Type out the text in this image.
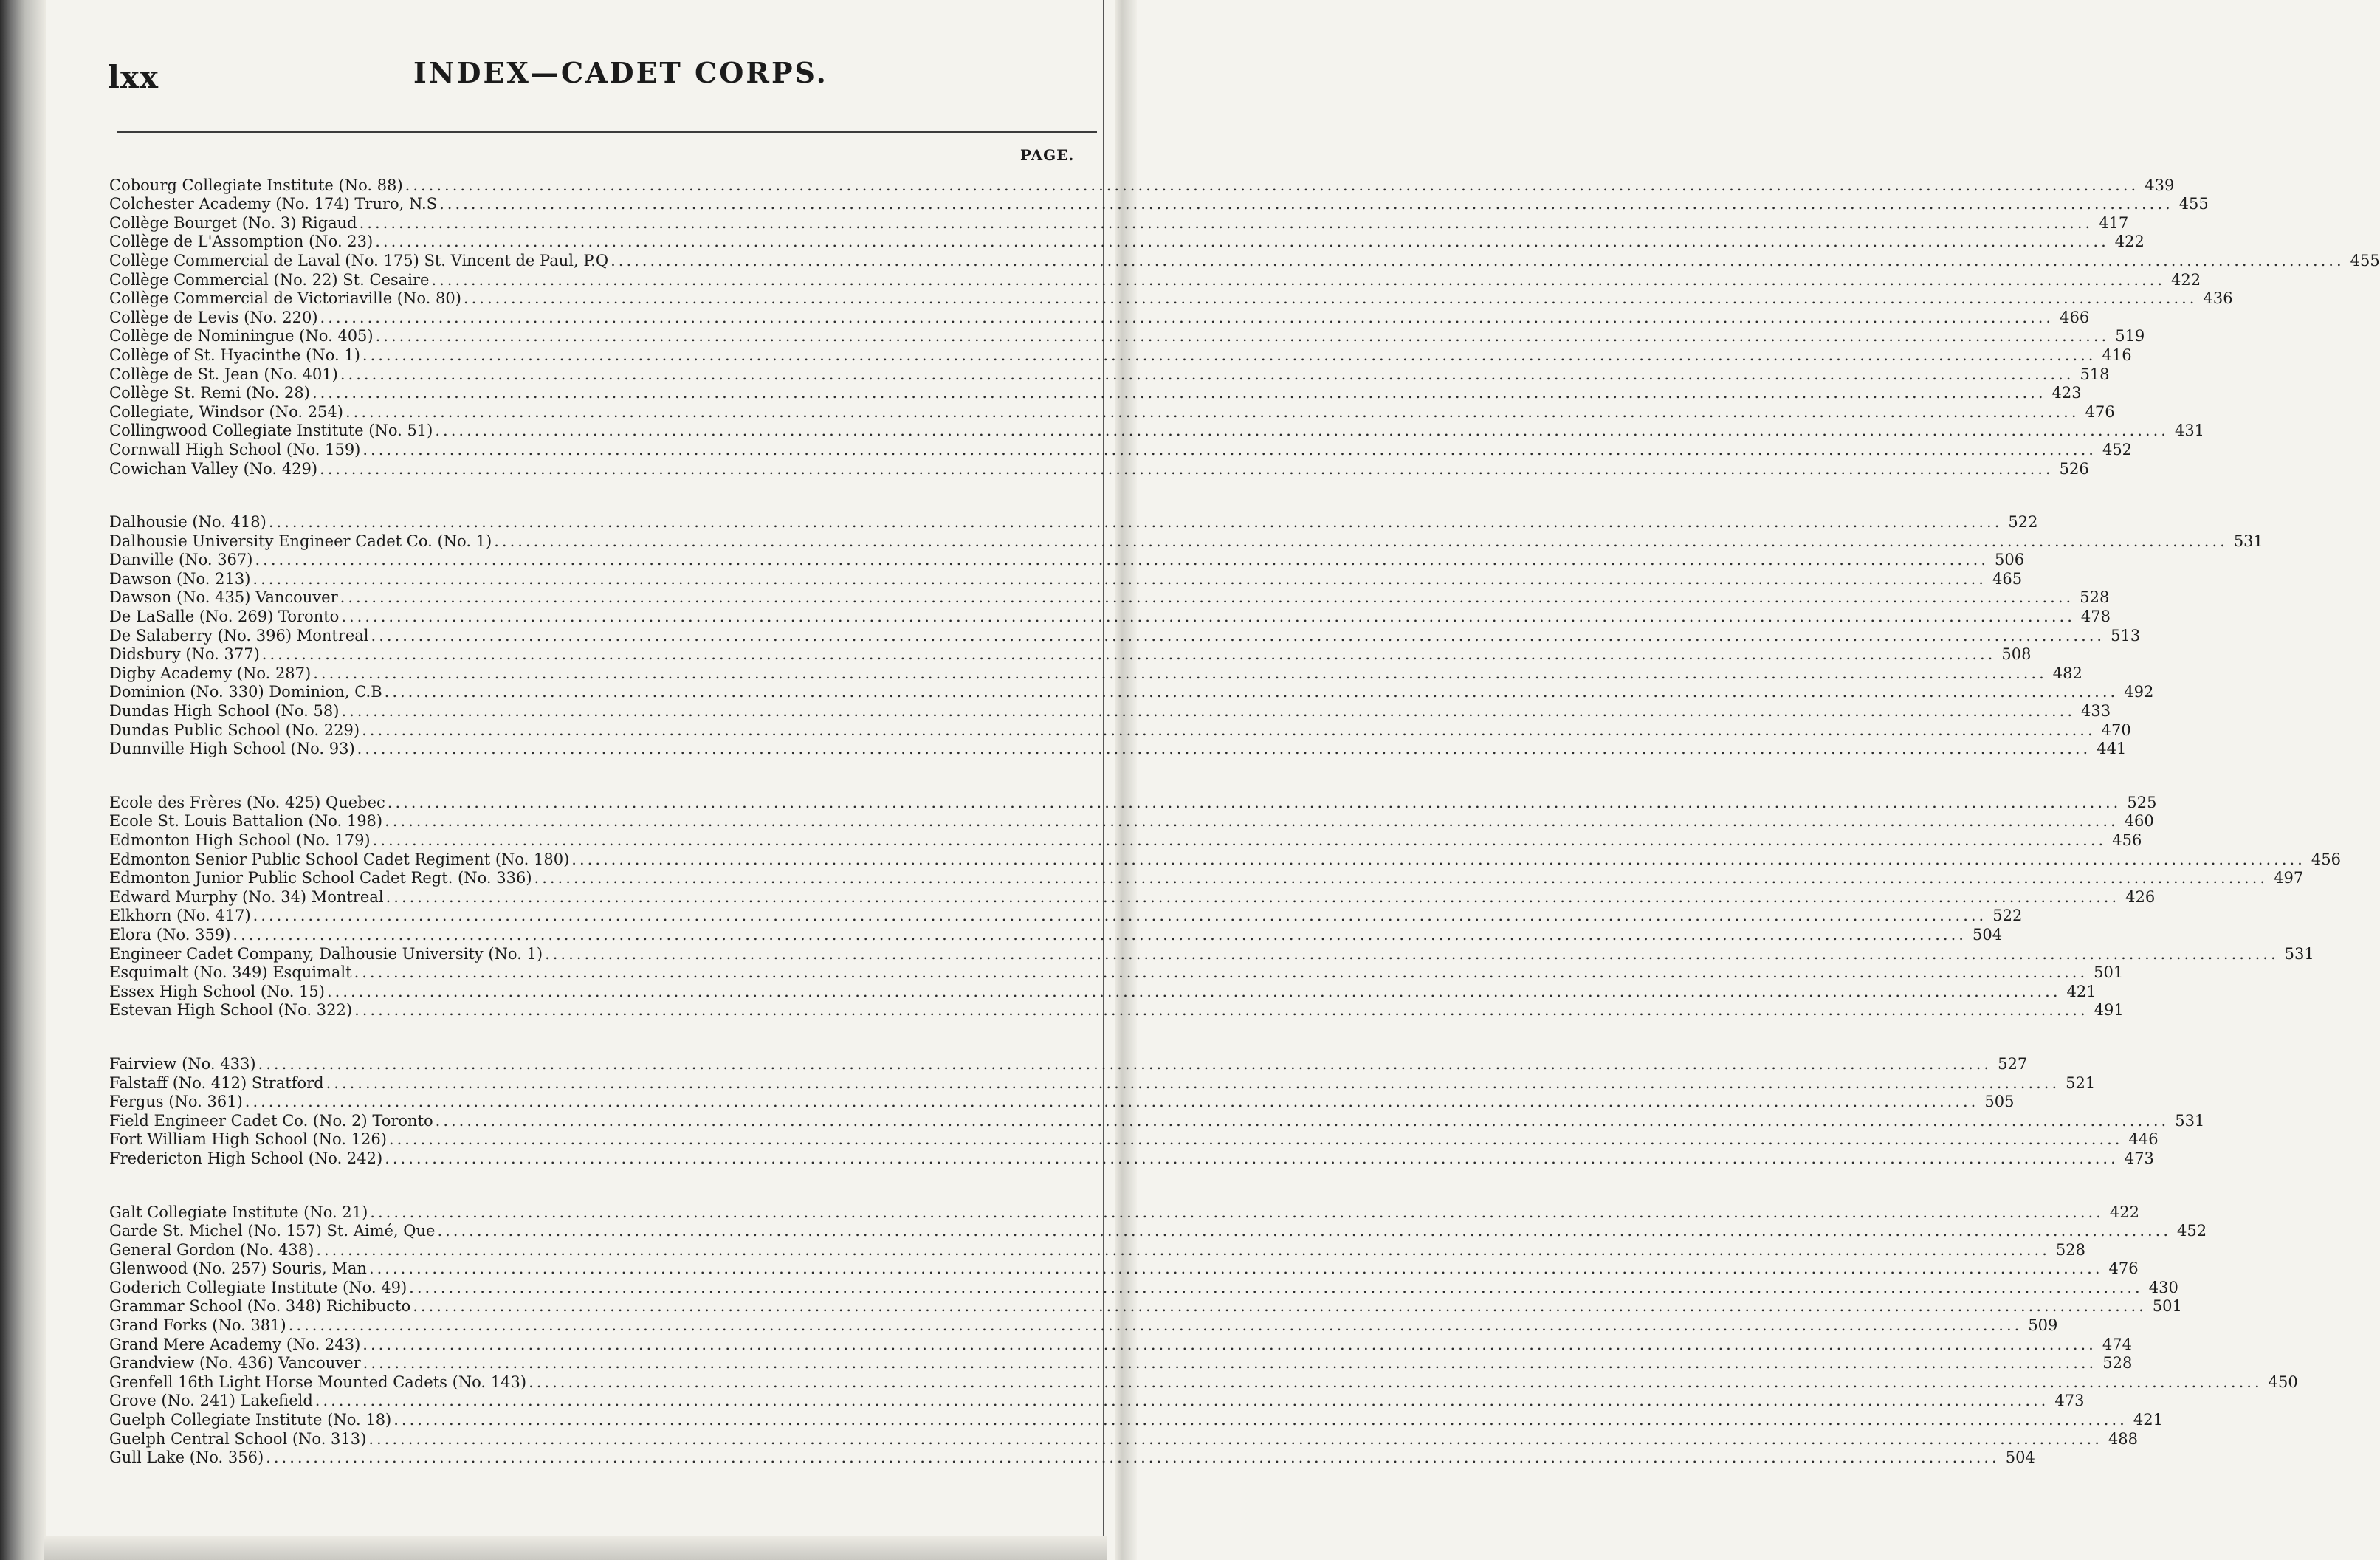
lxx	INDEX—CADET CORPS.
PAGE.
Cobourg Collegiate Institute (No. 88) ............................................................................................................................................................................................................................ 439
Colchester Academy (No. 174) Truro, N.S ............................................................................................................................................................................................................................ 455
Collège Bourget (No. 3) Rigaud ............................................................................................................................................................................................................................ 417
Collège de L'Assomption (No. 23) ............................................................................................................................................................................................................................ 422
Collège Commercial de Laval (No. 175) St. Vincent de Paul, P.Q ............................................................................................................................................................................................................................ 455
Collège Commercial (No. 22) St. Cesaire ............................................................................................................................................................................................................................ 422
Collège Commercial de Victoriaville (No. 80) ............................................................................................................................................................................................................................ 436
Collège de Levis (No. 220) ............................................................................................................................................................................................................................ 466
Collège de Nominingue (No. 405) ............................................................................................................................................................................................................................ 519
Collège of St. Hyacinthe (No. 1) ............................................................................................................................................................................................................................ 416
Collège de St. Jean (No. 401) ............................................................................................................................................................................................................................ 518
Collège St. Remi (No. 28) ............................................................................................................................................................................................................................ 423
Collegiate, Windsor (No. 254) ............................................................................................................................................................................................................................ 476
Collingwood Collegiate Institute (No. 51) ............................................................................................................................................................................................................................ 431
Cornwall High School (No. 159) ............................................................................................................................................................................................................................ 452
Cowichan Valley (No. 429) ............................................................................................................................................................................................................................ 526
Dalhousie (No. 418) ............................................................................................................................................................................................................................ 522
Dalhousie University Engineer Cadet Co. (No. 1) ............................................................................................................................................................................................................................ 531
Danville (No. 367) ............................................................................................................................................................................................................................ 506
Dawson (No. 213) ............................................................................................................................................................................................................................ 465
Dawson (No. 435) Vancouver ............................................................................................................................................................................................................................ 528
De LaSalle (No. 269) Toronto ............................................................................................................................................................................................................................ 478
De Salaberry (No. 396) Montreal ............................................................................................................................................................................................................................ 513
Didsbury (No. 377) ............................................................................................................................................................................................................................ 508
Digby Academy (No. 287) ............................................................................................................................................................................................................................ 482
Dominion (No. 330) Dominion, C.B ............................................................................................................................................................................................................................ 492
Dundas High School (No. 58) ............................................................................................................................................................................................................................ 433
Dundas Public School (No. 229) ............................................................................................................................................................................................................................ 470
Dunnville High School (No. 93) ............................................................................................................................................................................................................................ 441
Ecole des Frères (No. 425) Quebec ............................................................................................................................................................................................................................ 525
Ecole St. Louis Battalion (No. 198) ............................................................................................................................................................................................................................ 460
Edmonton High School (No. 179) ............................................................................................................................................................................................................................ 456
Edmonton Senior Public School Cadet Regiment (No. 180) ............................................................................................................................................................................................................................ 456
Edmonton Junior Public School Cadet Regt. (No. 336) ............................................................................................................................................................................................................................ 497
Edward Murphy (No. 34) Montreal ............................................................................................................................................................................................................................ 426
Elkhorn (No. 417) ............................................................................................................................................................................................................................ 522
Elora (No. 359) ............................................................................................................................................................................................................................ 504
Engineer Cadet Company, Dalhousie University (No. 1) ............................................................................................................................................................................................................................ 531
Esquimalt (No. 349) Esquimalt ............................................................................................................................................................................................................................ 501
Essex High School (No. 15) ............................................................................................................................................................................................................................ 421
Estevan High School (No. 322) ............................................................................................................................................................................................................................ 491
Fairview (No. 433) ............................................................................................................................................................................................................................ 527
Falstaff (No. 412) Stratford ............................................................................................................................................................................................................................ 521
Fergus (No. 361) ............................................................................................................................................................................................................................ 505
Field Engineer Cadet Co. (No. 2) Toronto ............................................................................................................................................................................................................................ 531
Fort William High School (No. 126) ............................................................................................................................................................................................................................ 446
Fredericton High School (No. 242) ............................................................................................................................................................................................................................ 473
Galt Collegiate Institute (No. 21) ............................................................................................................................................................................................................................ 422
Garde St. Michel (No. 157) St. Aimé, Que ............................................................................................................................................................................................................................ 452
General Gordon (No. 438) ............................................................................................................................................................................................................................ 528
Glenwood (No. 257) Souris, Man ............................................................................................................................................................................................................................ 476
Goderich Collegiate Institute (No. 49) ............................................................................................................................................................................................................................ 430
Grammar School (No. 348) Richibucto ............................................................................................................................................................................................................................ 501
Grand Forks (No. 381) ............................................................................................................................................................................................................................ 509
Grand Mere Academy (No. 243) ............................................................................................................................................................................................................................ 474
Grandview (No. 436) Vancouver ............................................................................................................................................................................................................................ 528
Grenfell 16th Light Horse Mounted Cadets (No. 143) ............................................................................................................................................................................................................................ 450
Grove (No. 241) Lakefield ............................................................................................................................................................................................................................ 473
Guelph Collegiate Institute (No. 18) ............................................................................................................................................................................................................................ 421
Guelph Central School (No. 313) ............................................................................................................................................................................................................................ 488
Gull Lake (No. 356) ............................................................................................................................................................................................................................ 504
